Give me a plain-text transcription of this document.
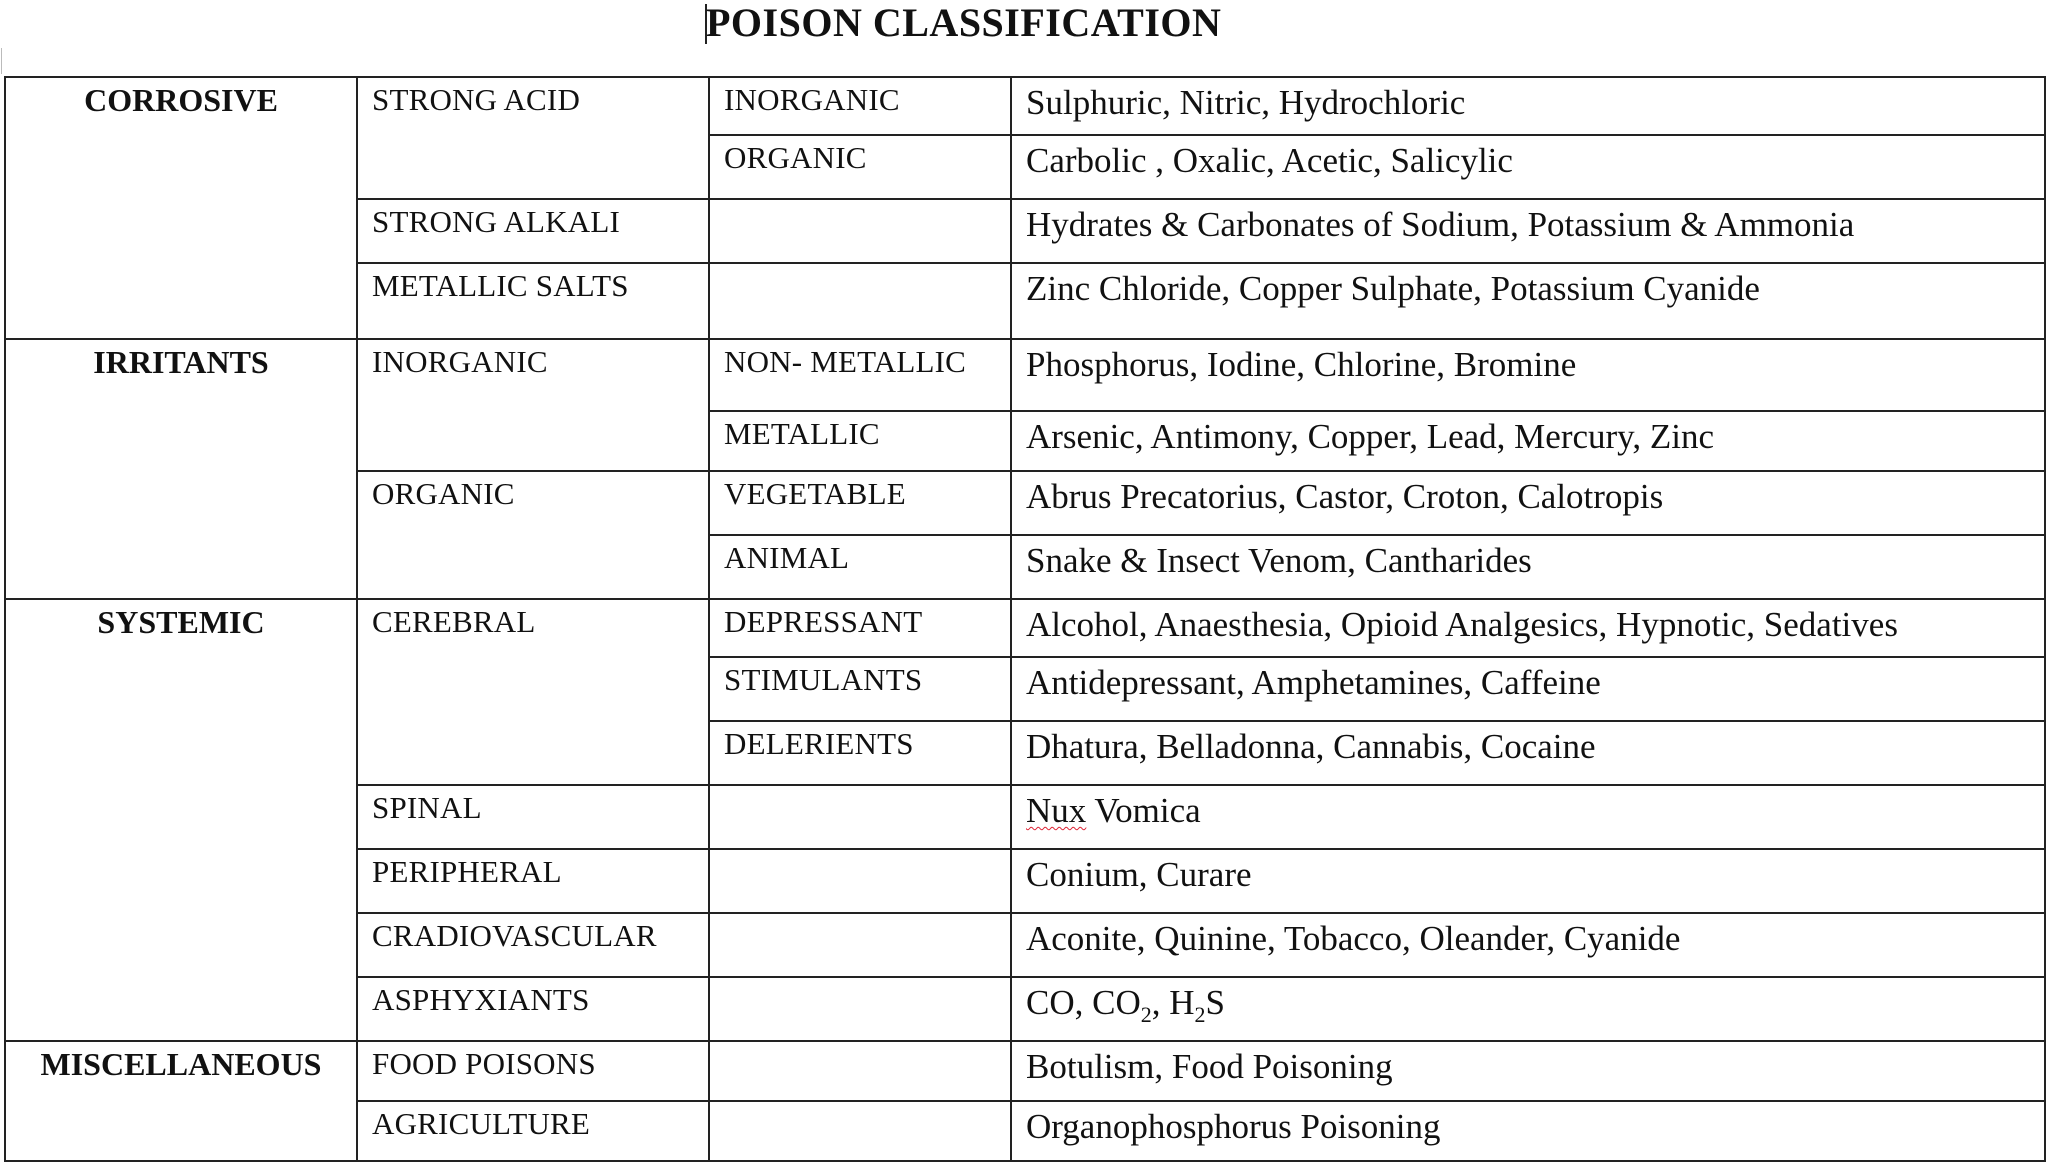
POISON CLASSIFICATION
CORROSIVE	STRONG ACID	INORGANIC	Sulphuric, Nitric, Hydrochloric
		ORGANIC	Carbolic , Oxalic, Acetic, Salicylic
	STRONG ALKALI		Hydrates & Carbonates of Sodium, Potassium & Ammonia
	METALLIC SALTS		Zinc Chloride, Copper Sulphate, Potassium Cyanide
IRRITANTS	INORGANIC	NON- METALLIC	Phosphorus, Iodine, Chlorine, Bromine
		METALLIC	Arsenic, Antimony, Copper, Lead, Mercury, Zinc
	ORGANIC	VEGETABLE	Abrus Precatorius, Castor, Croton, Calotropis
		ANIMAL	Snake & Insect Venom, Cantharides
SYSTEMIC	CEREBRAL	DEPRESSANT	Alcohol, Anaesthesia, Opioid Analgesics, Hypnotic, Sedatives
		STIMULANTS	Antidepressant, Amphetamines, Caffeine
		DELERIENTS	Dhatura, Belladonna, Cannabis, Cocaine
	SPINAL		Nux Vomica
	PERIPHERAL		Conium, Curare
	CRADIOVASCULAR		Aconite, Quinine, Tobacco, Oleander, Cyanide
	ASPHYXIANTS		CO, $CO_2$, $H_2S$
MISCELLANEOUS	FOOD POISONS		Botulism, Food Poisoning
	AGRICULTURE		Organophosphorus Poisoning
